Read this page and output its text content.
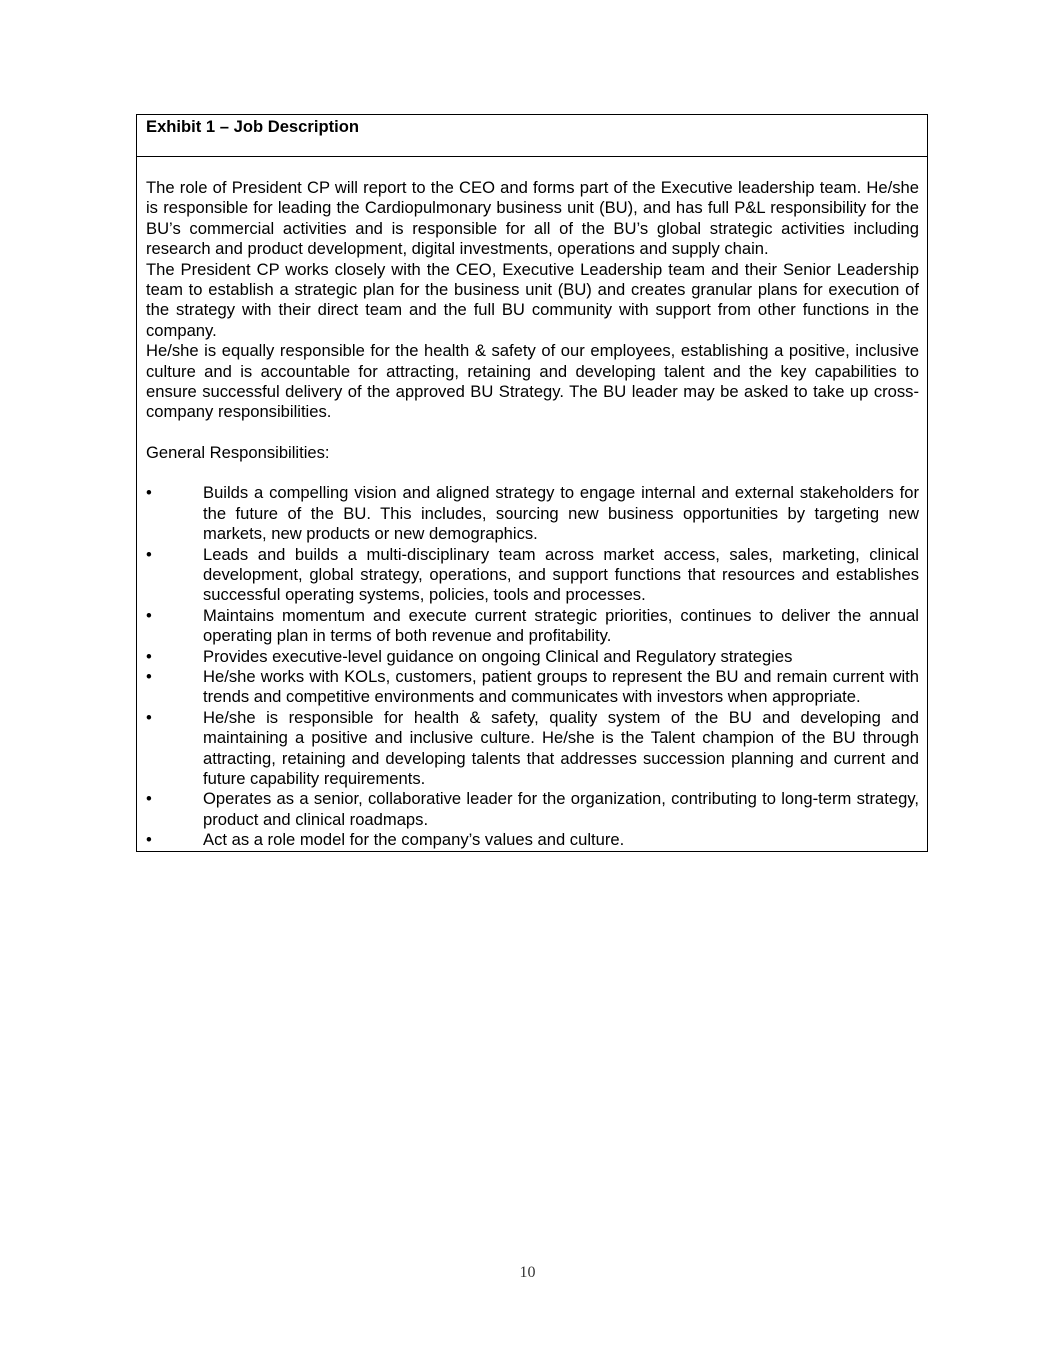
Exhibit 1 – Job Description

The role of President CP will report to the CEO and forms part of the Executive leadership team. He/she is responsible for leading the Cardiopulmonary business unit (BU), and has full P&L responsibility for the BU’s commercial activities and is responsible for all of the BU’s global strategic activities including research and product development, digital investments, operations and supply chain.

The President CP works closely with the CEO, Executive Leadership team and their Senior Leadership team to establish a strategic plan for the business unit (BU) and creates granular plans for execution of the strategy with their direct team and the full BU community with support from other functions in the company.

He/she is equally responsible for the health & safety of our employees, establishing a positive, inclusive culture and is accountable for attracting, retaining and developing talent and the key capabilities to ensure successful delivery of the approved BU Strategy. The BU leader may be asked to take up cross- company responsibilities.

General Responsibilities:

•	Builds a compelling vision and aligned strategy to engage internal and external stakeholders for the future of the BU. This includes, sourcing new business opportunities by targeting new markets, new products or new demographics.
•	Leads and builds a multi-disciplinary team across market access, sales, marketing, clinical development, global strategy, operations, and support functions that resources and establishes successful operating systems, policies, tools and processes.
•	Maintains momentum and execute current strategic priorities, continues to deliver the annual operating plan in terms of both revenue and profitability.
•	Provides executive-level guidance on ongoing Clinical and Regulatory strategies
•	He/she works with KOLs, customers, patient groups to represent the BU and remain current with trends and competitive environments and communicates with investors when appropriate.
•	He/she is responsible for health & safety, quality system of the BU and developing and maintaining a positive and inclusive culture. He/she is the Talent champion of the BU through attracting, retaining and developing talents that addresses succession planning and current and future capability requirements.
•	Operates as a senior, collaborative leader for the organization, contributing to long-term strategy, product and clinical roadmaps.
•	Act as a role model for the company’s values and culture.
10
